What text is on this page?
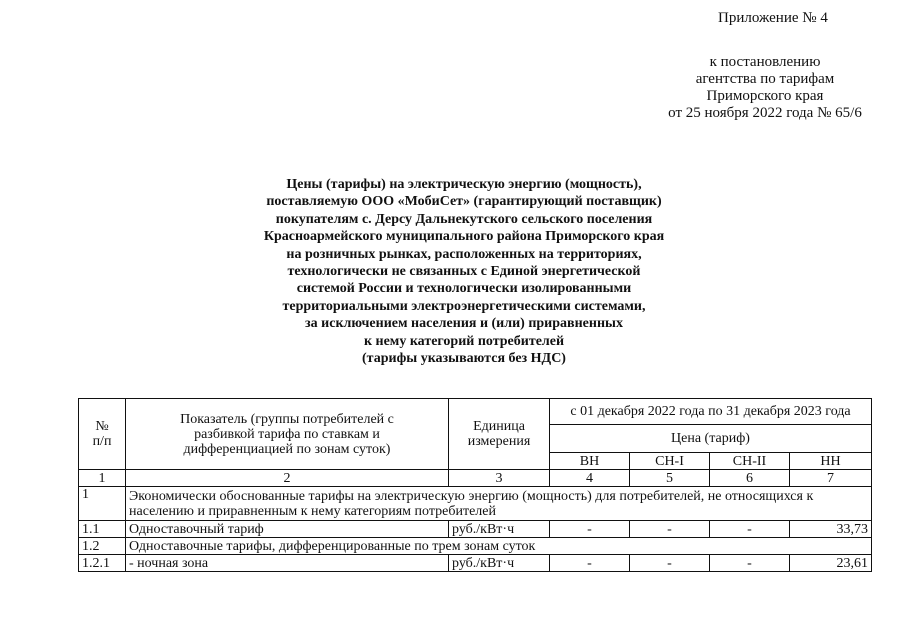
Приложение № 4
к постановлению
агентства по тарифам
Приморского края
от 25 ноября 2022 года № 65/6
Цены (тарифы) на электрическую энергию (мощность),
поставляемую ООО «МобиСет» (гарантирующий поставщик)
покупателям с. Дерсу Дальнекутского сельского поселения
Красноармейского муниципального района Приморского края
на розничных рынках, расположенных на территориях,
технологически не связанных с Единой энергетической
системой России и технологически изолированными
территориальными электроэнергетическими системами,
за исключением населения и (или) приравненных
к нему категорий потребителей
(тарифы указываются без НДС)
№
п/п	Показатель (группы потребителей с разбивкой тарифа по ставкам и дифференциацией по зонам суток)	Единица измерения	с 01 декабря 2022 года по 31 декабря 2023 года			
			Цена (тариф)			
			ВН	СН-I	СН-II	НН
1	2	3	4	5	6	7
1	Экономически обоснованные тарифы на электрическую энергию (мощность) для потребителей, не относящихся к населению и приравненным к нему категориям потребителей					
1.1	Одноставочный тариф	руб./кВт·ч	-	-	-	33,73
1.2	Одноставочные тарифы, дифференцированные по трем зонам суток					
1.2.1	- ночная зона	руб./кВт·ч	-	-	-	23,61
